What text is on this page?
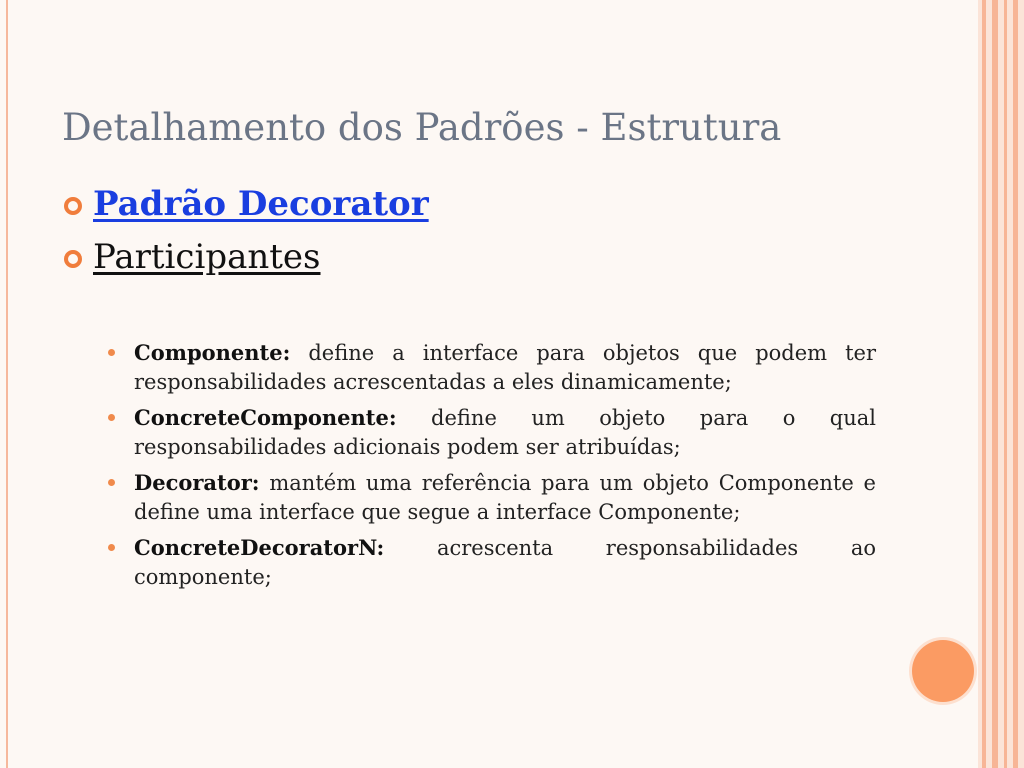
Detalhamento dos Padrões - Estrutura
Padrão Decorator
Participantes
Componente: define a interface para objetos que podem ter responsabilidades acrescentadas a eles dinamicamente;
ConcreteComponente: define um objeto para o qual responsabilidades adicionais podem ser atribuídas;
Decorator: mantém uma referência para um objeto Componente e define uma interface que segue a interface Componente;
ConcreteDecoratorN: acrescenta responsabilidades ao componente;
